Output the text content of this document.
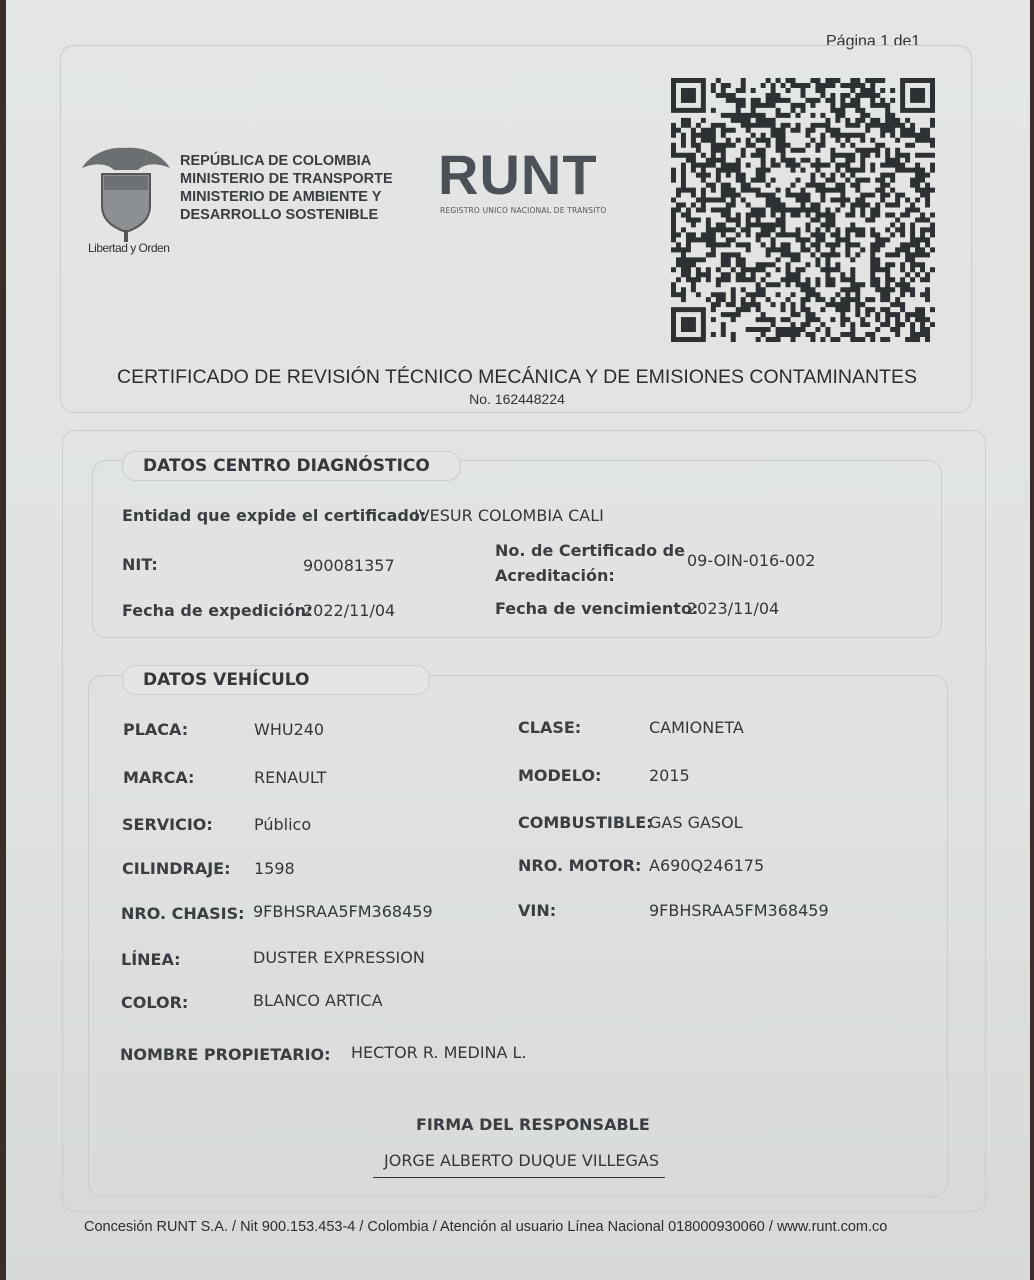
Página 1 de1
REPÚBLICA DE COLOMBIA
MINISTERIO DE TRANSPORTE
MINISTERIO DE AMBIENTE Y
DESARROLLO SOSTENIBLE
Libertad y Orden
RUNT
REGISTRO UNICO NACIONAL DE TRANSITO
CERTIFICADO DE REVISIÓN TÉCNICO MECÁNICA Y DE EMISIONES CONTAMINANTES
No. 162448224
DATOS CENTRO DIAGNÓSTICO
Entidad que expide el certificado:
IVESUR COLOMBIA CALI
NIT:	900081357
No. de Certificado de
Acreditación:
09-OIN-016-002
Fecha de expedición:
2022/11/04	Fecha de vencimiento:
2023/11/04
DATOS VEHÍCULO
PLACA:	WHU240	CLASE:	CAMIONETA
MARCA:	RENAULT	MODELO:	2015
SERVICIO:	Público	COMBUSTIBLE:
GAS GASOL
CILINDRAJE: 1598	NRO. MOTOR: A690Q246175
NRO. CHASIS: 9FBHSRAA5FM368459	VIN:	9FBHSRAA5FM368459
LÍNEA:	DUSTER EXPRESSION
COLOR:	BLANCO ARTICA
NOMBRE PROPIETARIO: HECTOR R. MEDINA L.
FIRMA DEL RESPONSABLE
JORGE ALBERTO DUQUE VILLEGAS
Concesión RUNT S.A. / Nit 900.153.453-4 / Colombia / Atención al usuario Línea Nacional 018000930060 / www.runt.com.co
